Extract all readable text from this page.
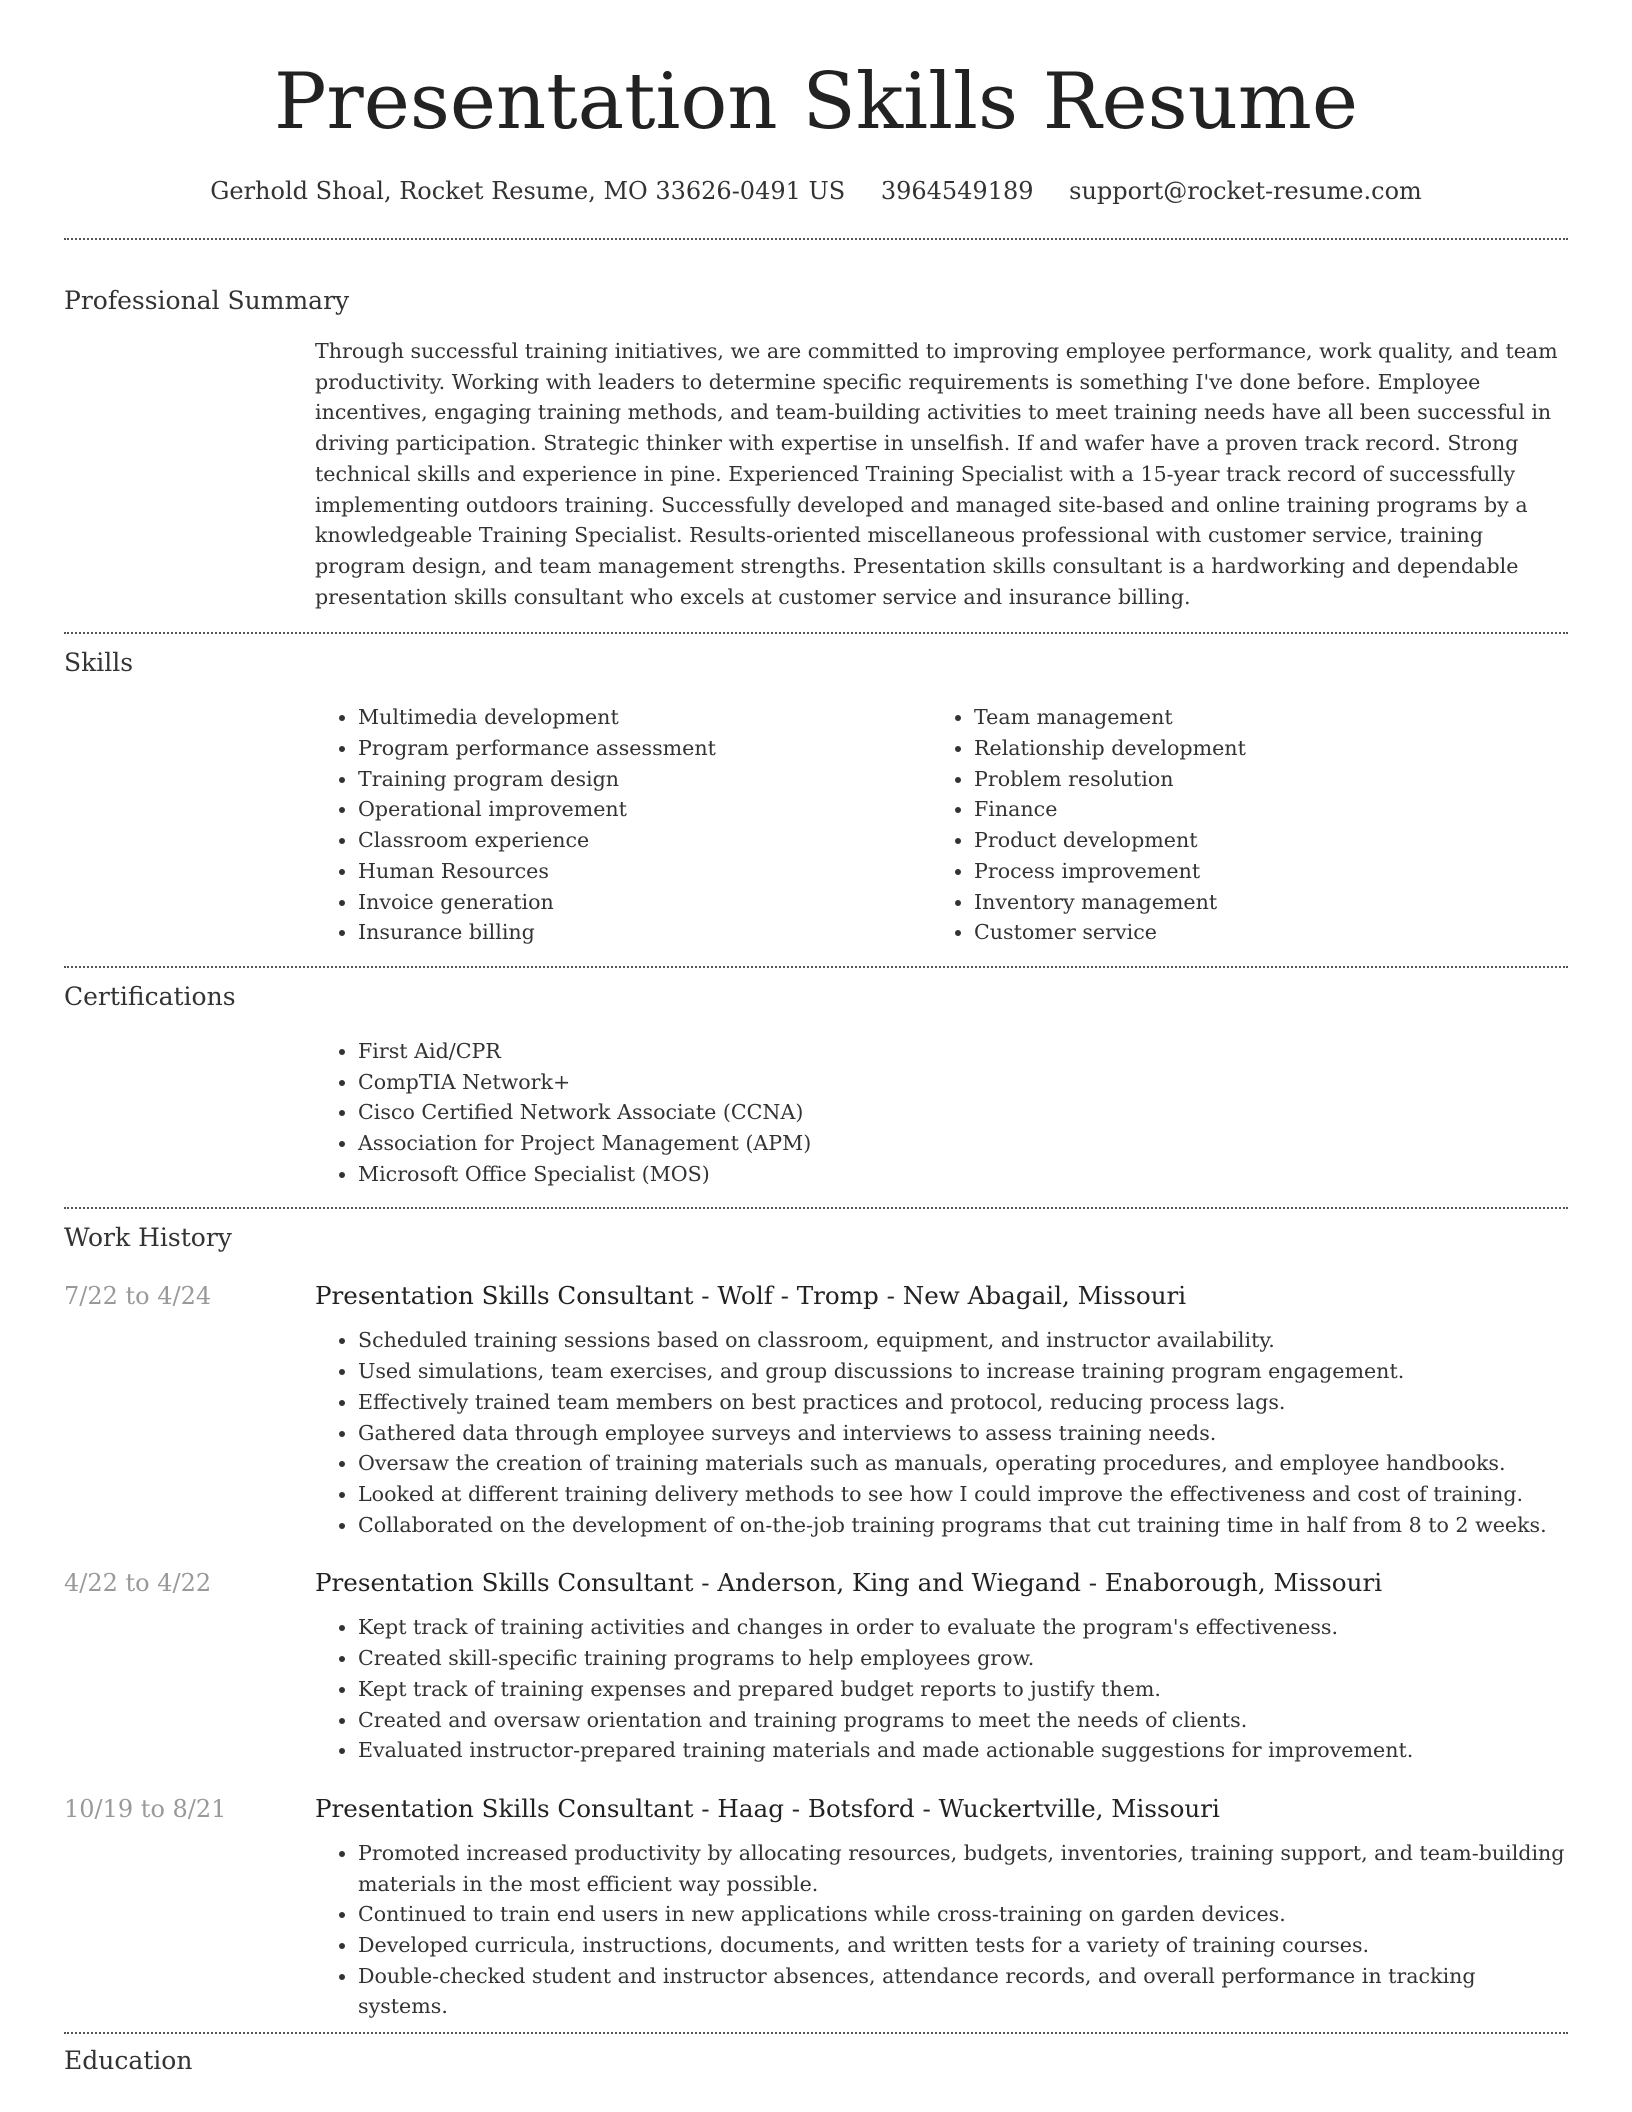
Presentation Skills Resume
Gerhold Shoal, Rocket Resume, MO 33626-0491 US 3964549189 support@rocket-resume.com
Professional Summary

Through successful training initiatives, we are committed to improving employee performance, work quality, and team productivity. Working with leaders to determine specific requirements is something I've done before. Employee incentives, engaging training methods, and team-building activities to meet training needs have all been successful in driving participation. Strategic thinker with expertise in unselfish. If and wafer have a proven track record. Strong technical skills and experience in pine. Experienced Training Specialist with a 15-year track record of successfully implementing outdoors training. Successfully developed and managed site-based and online training programs by a knowledgeable Training Specialist. Results-oriented miscellaneous professional with customer service, training program design, and team management strengths. Presentation skills consultant is a hardworking and dependable presentation skills consultant who excels at customer service and insurance billing.

Skills
• Multimedia development
• Program performance assessment
• Training program design
• Operational improvement
• Classroom experience
• Human Resources
• Invoice generation
• Insurance billing
• Team management
• Relationship development
• Problem resolution
• Finance
• Product development
• Process improvement
• Inventory management
• Customer service
Certifications
• First Aid/CPR
• CompTIA Network+
• Cisco Certified Network Associate (CCNA)
• Association for Project Management (APM)
• Microsoft Office Specialist (MOS)
Work History
7/22 to 4/24	Presentation Skills Consultant - Wolf - Tromp - New Abagail, Missouri
• Scheduled training sessions based on classroom, equipment, and instructor availability.
• Used simulations, team exercises, and group discussions to increase training program engagement.
• Effectively trained team members on best practices and protocol, reducing process lags.
• Gathered data through employee surveys and interviews to assess training needs.
• Oversaw the creation of training materials such as manuals, operating procedures, and employee handbooks.
• Looked at different training delivery methods to see how I could improve the effectiveness and cost of training.
• Collaborated on the development of on-the-job training programs that cut training time in half from 8 to 2 weeks.
4/22 to 4/22	Presentation Skills Consultant - Anderson, King and Wiegand - Enaborough, Missouri
• Kept track of training activities and changes in order to evaluate the program's effectiveness.
• Created skill-specific training programs to help employees grow.
• Kept track of training expenses and prepared budget reports to justify them.
• Created and oversaw orientation and training programs to meet the needs of clients.
• Evaluated instructor-prepared training materials and made actionable suggestions for improvement.
10/19 to 8/21	Presentation Skills Consultant - Haag - Botsford - Wuckertville, Missouri
• Promoted increased productivity by allocating resources, budgets, inventories, training support, and team-building materials in the most efficient way possible.
• Continued to train end users in new applications while cross-training on garden devices.
• Developed curricula, instructions, documents, and written tests for a variety of training courses.
• Double-checked student and instructor absences, attendance records, and overall performance in tracking systems.
Education
